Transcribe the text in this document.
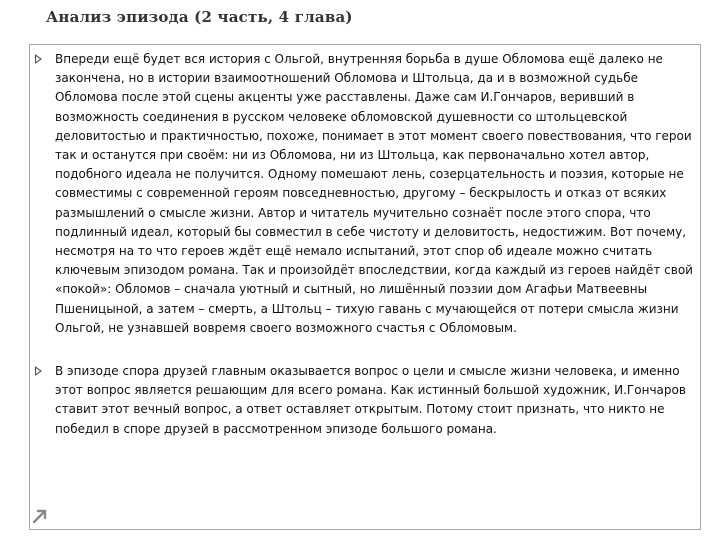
Анализ эпизода (2 часть, 4 глава)

Впереди ещё будет вся история с Ольгой, внутренняя борьба в душе Обломова ещё далеко не закончена, но в истории взаимоотношений Обломова и Штольца, да и в возможной судьбе Обломова после этой сцены акценты уже расставлены. Даже сам И.Гончаров, веривший в возможность соединения в русском человеке обломовской душевности со штольцевской деловитостью и практичностью, похоже, понимает в этот момент своего повествования, что герои так и останутся при своём: ни из Обломова, ни из Штольца, как первоначально хотел автор, подобного идеала не получится. Одному помешают лень, созерцательность и поэзия, которые не совместимы с современной героям повседневностью, другому – бескрылость и отказ от всяких размышлений о смысле жизни. Автор и читатель мучительно сознаёт после этого спора, что подлинный идеал, который бы совместил в себе чистоту и деловитость, недостижим. Вот почему, несмотря на то что героев ждёт ещё немало испытаний, этот спор об идеале можно считать ключевым эпизодом романа. Так и произойдёт впоследствии, когда каждый из героев найдёт свой «покой»: Обломов – сначала уютный и сытный, но лишённый поэзии дом Агафьи Матвеевны Пшеницыной, а затем – смерть, а Штольц – тихую гавань с мучающейся от потери смысла жизни Ольгой, не узнавшей вовремя своего возможного счастья с Обломовым.

В эпизоде спора друзей главным оказывается вопрос о цели и смысле жизни человека, и именно этот вопрос является решающим для всего романа. Как истинный большой художник, И.Гончаров ставит этот вечный вопрос, а ответ оставляет открытым. Потому стоит признать, что никто не победил в споре друзей в рассмотренном эпизоде большого романа.
